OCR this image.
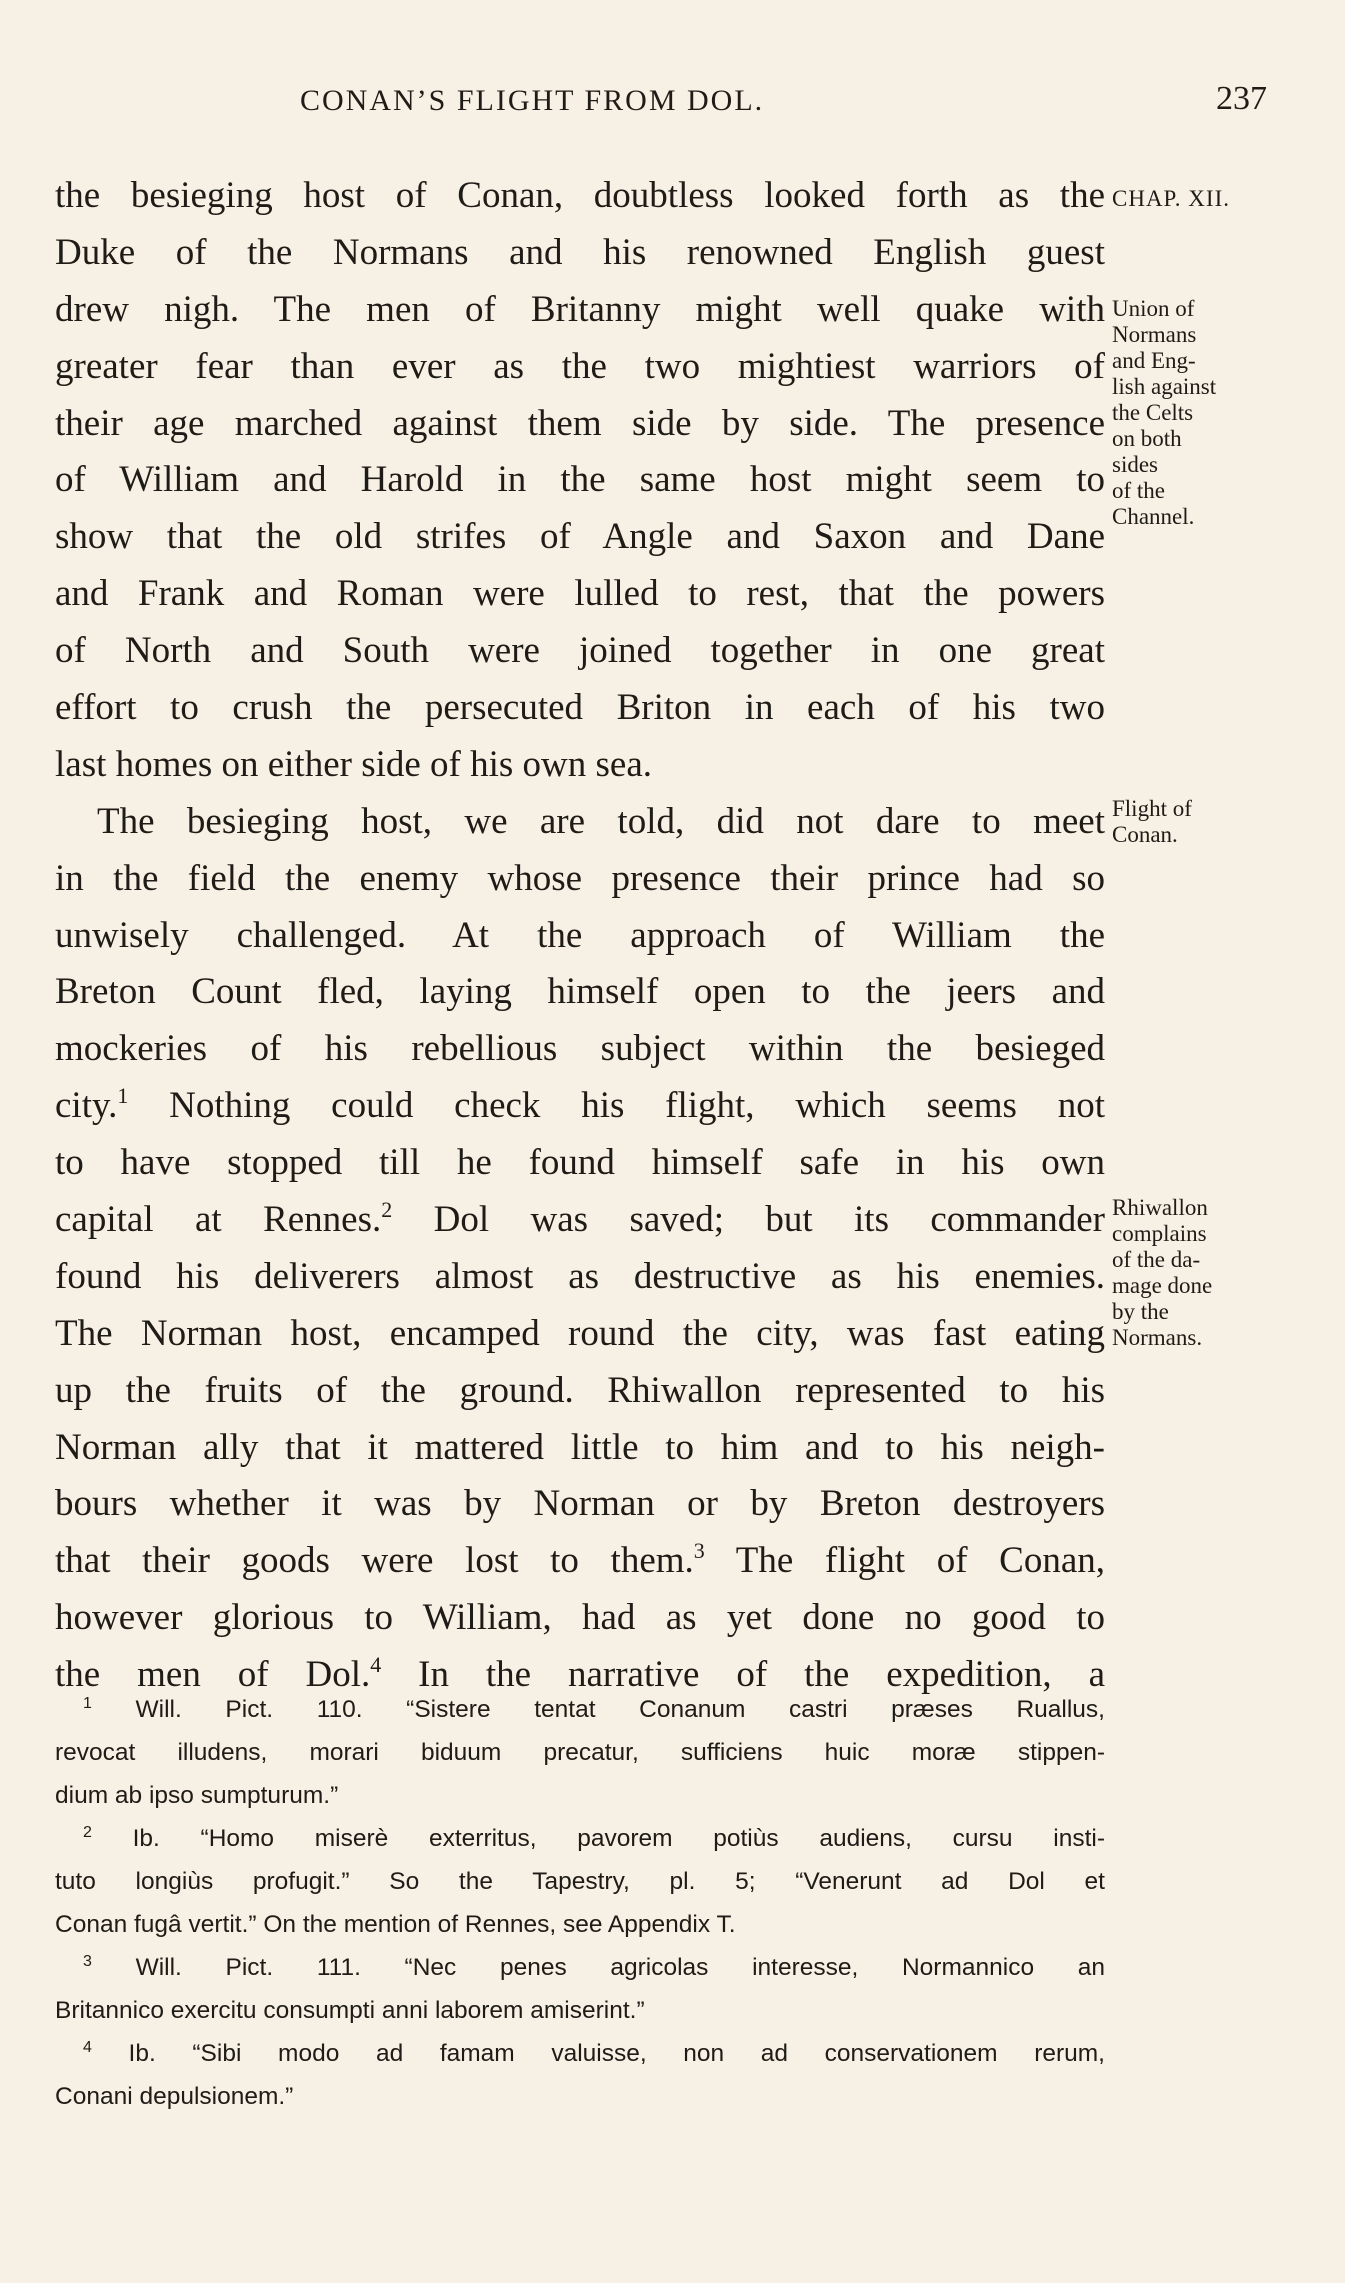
CONAN’S FLIGHT FROM DOL.	237
the besieging host of Conan, doubtless looked forth as the
Duke of the Normans and his renowned English guest
drew nigh. The men of Britanny might well quake with
greater fear than ever as the two mightiest warriors of
their age marched against them side by side. The presence
of William and Harold in the same host might seem to
show that the old strifes of Angle and Saxon and Dane
and Frank and Roman were lulled to rest, that the powers
of North and South were joined together in one great
effort to crush the persecuted Briton in each of his two
last homes on either side of his own sea.
The besieging host, we are told, did not dare to meet
in the field the enemy whose presence their prince had so
unwisely challenged. At the approach of William the
Breton Count fled, laying himself open to the jeers and
mockeries of his rebellious subject within the besieged
city.$^1$ Nothing could check his flight, which seems not
to have stopped till he found himself safe in his own
capital at Rennes.$^2$ Dol was saved; but its commander
found his deliverers almost as destructive as his enemies.
The Norman host, encamped round the city, was fast eating
up the fruits of the ground. Rhiwallon represented to his
Norman ally that it mattered little to him and to his neigh-
bours whether it was by Norman or by Breton destroyers
that their goods were lost to them.$^3$ The flight of Conan,
however glorious to William, had as yet done no good to
the men of Dol.$^4$ In the narrative of the expedition, a
CHAP. XII.
Union of
Normans
and Eng-
lish against
the Celts
on both
sides
of the
Channel.
Flight of
Conan.
Rhiwallon
complains
of the da-
mage done
by the
Normans.
$^1$ Will. Pict. 110. “Sistere tentat Conanum castri præses Ruallus,
revocat illudens, morari biduum precatur, sufficiens huic moræ stippen-
dium ab ipso sumpturum.”
$^2$ Ib. “Homo miserè exterritus, pavorem potiùs audiens, cursu insti-
tuto longiùs profugit.” So the Tapestry, pl. 5; “Venerunt ad Dol et
Conan fugâ vertit.” On the mention of Rennes, see Appendix T.
$^3$ Will. Pict. 111. “Nec penes agricolas interesse, Normannico an
Britannico exercitu consumpti anni laborem amiserint.”
$^4$ Ib. “Sibi modo ad famam valuisse, non ad conservationem rerum,
Conani depulsionem.”
